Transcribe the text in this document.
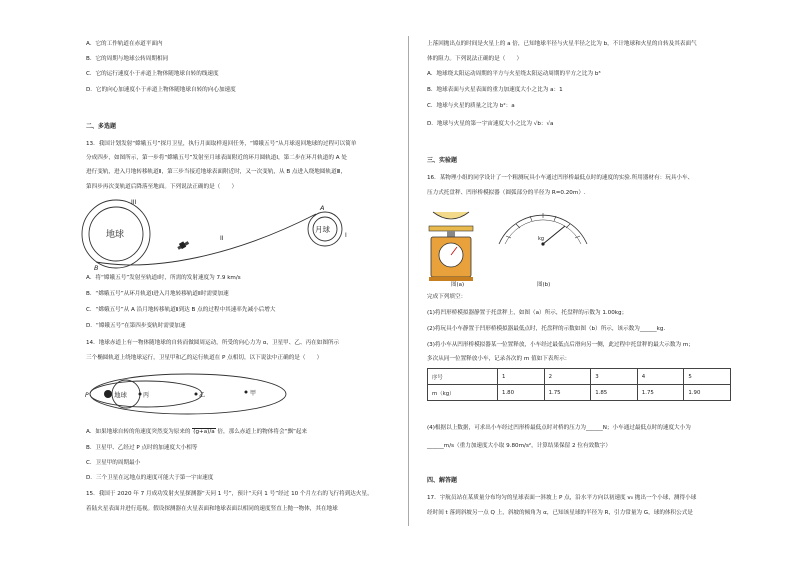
A．它的工作轨道在赤道平面内
B．它的周期与地球公转周期相同
C．它的运行速度小于赤道上物体随地球自转的线速度
D．它的向心加速度小于赤道上物体随地球自转的向心加速度
二、多选题
13．我国计划发射“嫦娥五号”探月卫星，执行月面取样返回任务，“嫦娥五号”从月球返回地球的过程可以简单
分成四步，如图所示，第一步将“嫦娥五号”发射至月球表面附近的环月圆轨道Ⅰ，第二步在环月轨道的 A 处
进行变轨，进入月地转移轨道Ⅱ，第三步当接近地球表面附近时，又一次变轨，从 B 点进入绕地圆轨道Ⅲ，
第四步再次变轨道后降落至地面。下列说法正确的是（　　）
地球
III
II
月球
I
A
B
A．将“嫦娥五号”发射至轨道Ⅰ时，所需的发射速度为 7.9 km/s
B．“嫦娥五号”从环月轨道Ⅰ进入月地转移轨道Ⅱ时需要加速
C．“嫦娥五号”从 A 沿月地转移轨道Ⅱ到达 B 点的过程中其速率先减小后增大
D．“嫦娥五号”在第四步变轨时需要加速
14．地球赤道上有一物体随地球的自转而做圆周运动，所受的向心力为 α，卫星甲、乙、丙在如图所示
三个椭圆轨道上绕地球运行，卫星甲和乙的运行轨道在 P 点相切，以下说法中正确的是（　　）
地球
P	丙	乙	甲
A．如果地球自转的角速度突然变为原来的 (g+a)/a 倍，那么赤道上的物体将会“飘”起来
B．卫星甲、乙经过 P 点时的加速度大小相等
C．卫星甲的周期最小
D．三个卫星在远地点的速度可能大于第一宇宙速度
15．我国于 2020 年 7 月成功发射火星探测器“天问 1 号”，预计“天问 1 号”经过 10 个月左右的飞行将到达火星，
着陆火星表面并进行巡视。假设探测器在火星表面和地球表面以相同的速度竖直上抛一物体，其在地球
上落回抛出点的时间是火星上的 a 倍，已知地球半径与火星半径之比为 b，不计地球和火星的自转及其表面气
体的阻力。下列说法正确的是（　　）
A．地球绕太阳运动周期的平方与火星绕太阳运动周期的平方之比为 b³
B．地球表面与火星表面的重力加速度大小之比为 a：1
C．地球与火星的质量之比为 b²：a
D．地球与火星的第一宇宙速度大小之比为 √b：√a
三、实验题
16．某物理小组的同学设计了一个粗测玩具小车通过凹形桥最低点时的速度的实验.所用器材有：玩具小车、
压力式托盘秤、凹形桥模拟器（圆弧部分的半径为 R=0.20m）.
图(a)
kg
图(b)
完成下列填空：
(1)将凹形桥模拟器静置于托盘秤上，如图（a）所示，托盘秤的示数为 1.00kg；
(2)将玩具小车静置于凹形桥模拟器最低点时，托盘秤的示数如图（b）所示，该示数为______kg.
(3)将小车从凹形桥模拟器某一位置释放，小车经过最低点后滑向另一侧，此过程中托盘秤的最大示数为 m；
多次从同一位置释放小车，记录各次的 m 值如下表所示：
序号	1	2	3	4	5
m（kg）	1.80	1.75	1.85	1.75	1.90
(4)根据以上数据，可求出小车经过凹形桥最低点时对桥的压力为______N；小车通过最低点时的速度大小为
______m/s（重力加速度大小取 9.80m/s²，计算结果保留 2 位有效数字）
四、解答题
17．宇航员站在某质量分布均匀的星球表面一斜坡上 P 点，沿水平方向以初速度 v₀ 抛出一个小球，测得小球
经时间 t 落到斜坡另一点 Q 上，斜坡的倾角为 α，已知该星球的半径为 R，引力常量为 G，球的体积公式是
